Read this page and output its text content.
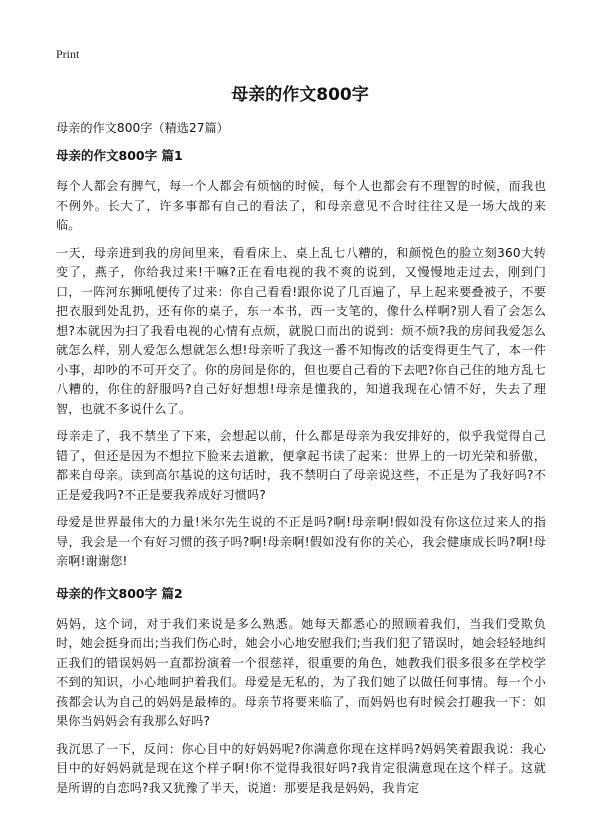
Print
母亲的作文800字

母亲的作文800字（精选27篇）

母亲的作文800字 篇1

每个人都会有脾气，每一个人都会有烦恼的时候，每个人也都会有不理智的时候，而我也不例外。长大了，许多事都有自己的看法了，和母亲意见不合时往往又是一场大战的来临。

一天，母亲进到我的房间里来，看看床上、桌上乱七八糟的，和颜悦色的脸立刻360大转变了，燕子，你给我过来!干嘛?正在看电视的我不爽的说到，又慢慢地走过去，刚到门口，一阵河东狮吼便传了过来：你自己看看!跟你说了几百遍了，早上起来要叠被子，不要把衣服到处乱扔，还有你的桌子，东一本书，西一支笔的，像什么样啊?别人看了会怎么想?本就因为扫了我看电视的心情有点烦，就脱口而出的说到：烦不烦?我的房间我爱怎么就怎么样，别人爱怎么想就怎么想!母亲听了我这一番不知悔改的话变得更生气了，本一件小事，却吵的不可开交了。你的房间是你的，但也要自己看的下去吧?你自己住的地方乱七八糟的，你住的舒服吗?自己好好想想!母亲是懂我的，知道我现在心情不好，失去了理智，也就不多说什么了。

母亲走了，我不禁坐了下来，会想起以前，什么都是母亲为我安排好的，似乎我觉得自己错了，但还是因为不想拉下脸来去道歉，便拿起书读了起来：世界上的一切光荣和骄傲，都来自母亲。读到高尔基说的这句话时，我不禁明白了母亲说这些，不正是为了我好吗?不正是爱我吗?不正是要我养成好习惯吗?

母爱是世界最伟大的力量!米尔先生说的不正是吗?啊!母亲啊!假如没有你这位过来人的指导，我会是一个有好习惯的孩子吗?啊!母亲啊!假如没有你的关心，我会健康成长吗?啊!母亲啊!谢谢您!

母亲的作文800字 篇2

妈妈，这个词，对于我们来说是多么熟悉。她每天都悉心的照顾着我们，当我们受欺负时，她会挺身而出;当我们伤心时，她会小心地安慰我们;当我们犯了错误时，她会轻轻地纠正我们的错误妈妈一直都扮演着一个很慈祥，很重要的角色，她教我们很多很多在学校学不到的知识，小心地呵护着我们。母爱是无私的，为了我们她了以做任何事情。每一个小孩都会认为自己的妈妈是最棒的。母亲节将要来临了，而妈妈也有时候会打趣我一下：如果你当妈妈会有我那么好吗?

我沉思了一下，反问：你心目中的好妈妈呢?你满意你现在这样吗?妈妈笑着跟我说：我心目中的好妈妈就是现在这个样子啊!你不觉得我很好吗?我肯定很满意现在这个样子。这就是所谓的自恋吗?我又犹豫了半天，说道：那要是我是妈妈，我肯定
